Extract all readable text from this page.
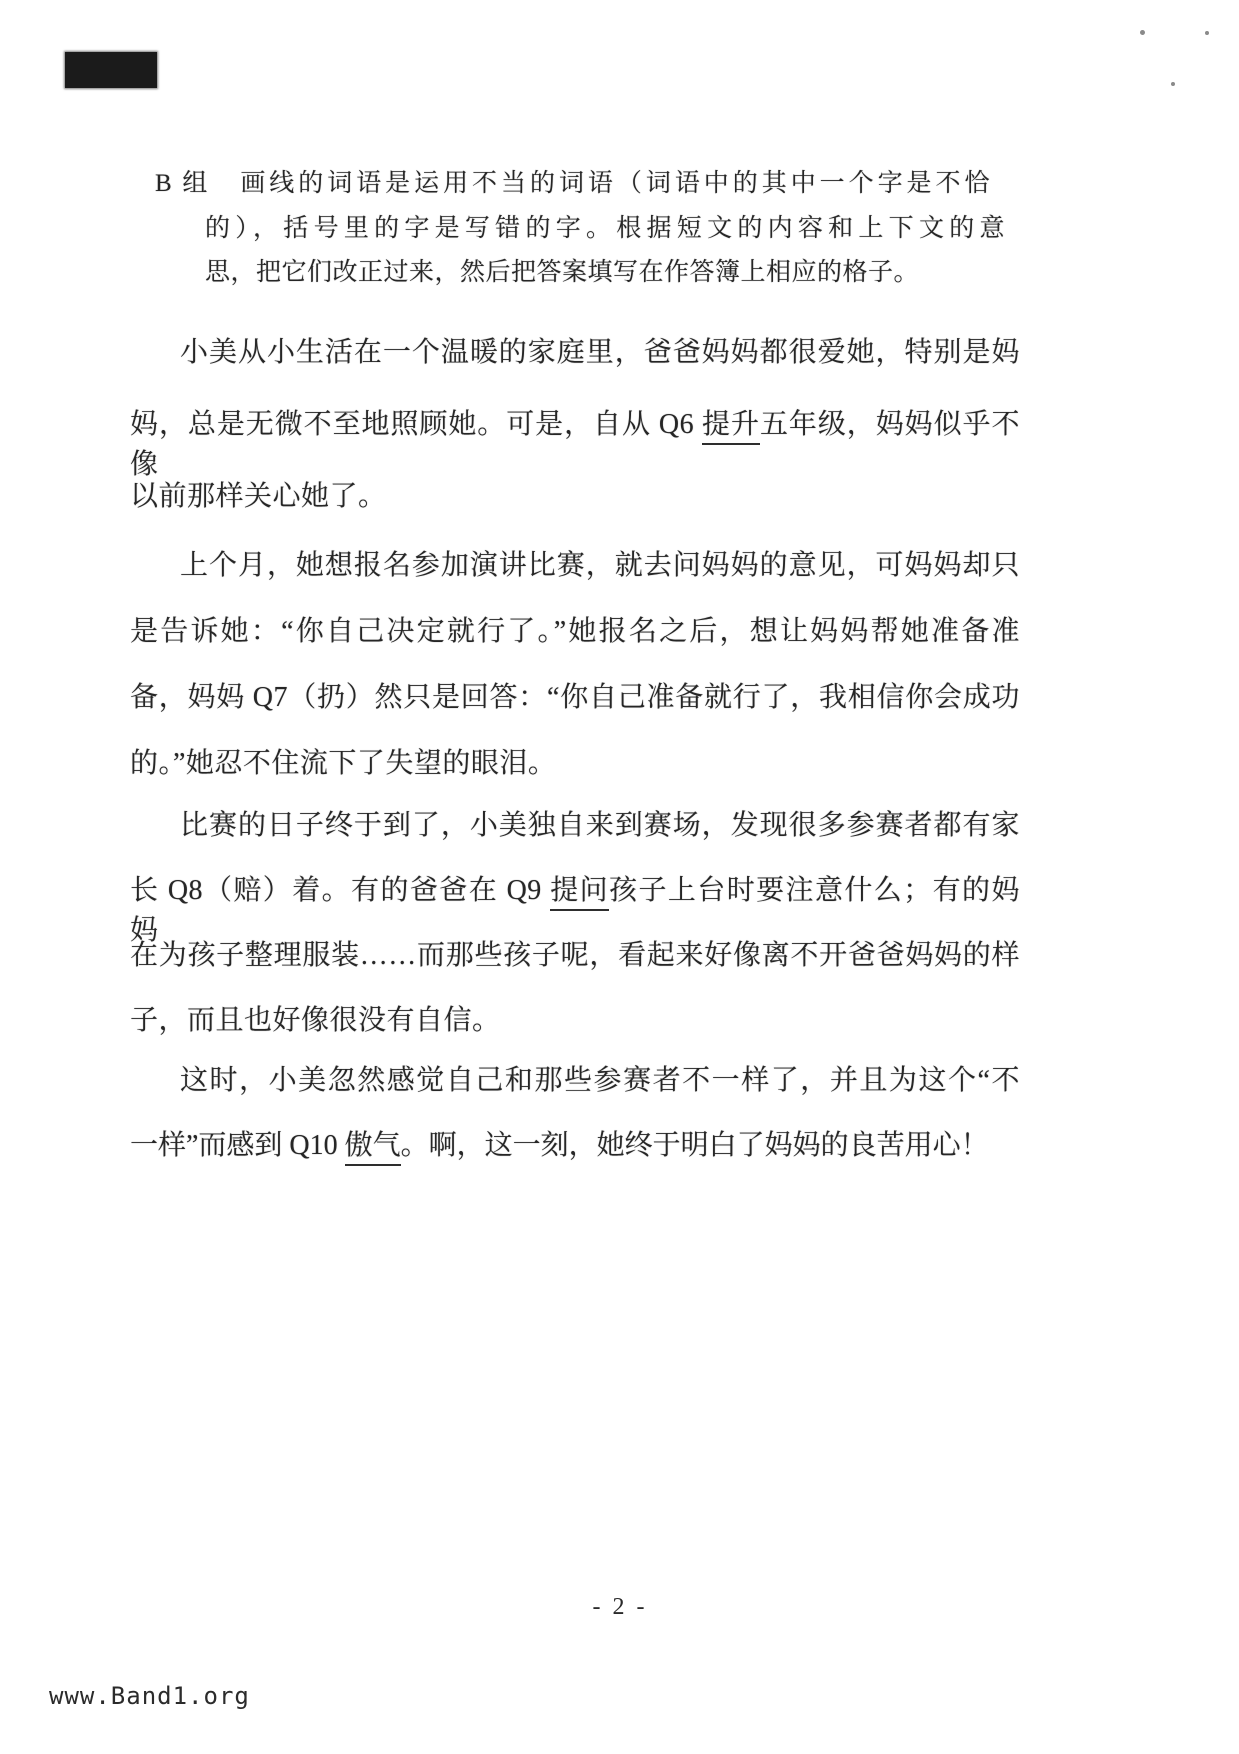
B 组　画线的词语是运用不当的词语（词语中的其中一个字是不恰
的），括号里的字是写错的字。根据短文的内容和上下文的意
思，把它们改正过来，然后把答案填写在作答簿上相应的格子。
小美从小生活在一个温暖的家庭里，爸爸妈妈都很爱她，特别是妈
妈，总是无微不至地照顾她。可是，自从 Q6 提升五年级，妈妈似乎不像
以前那样关心她了。
上个月，她想报名参加演讲比赛，就去问妈妈的意见，可妈妈却只
是告诉她：“你自己决定就行了。”她报名之后，想让妈妈帮她准备准
备，妈妈 Q7（扔）然只是回答：“你自己准备就行了，我相信你会成功
的。”她忍不住流下了失望的眼泪。
比赛的日子终于到了，小美独自来到赛场，发现很多参赛者都有家
长 Q8（赔）着。有的爸爸在 Q9 提问孩子上台时要注意什么；有的妈妈
在为孩子整理服装……而那些孩子呢，看起来好像离不开爸爸妈妈的样
子，而且也好像很没有自信。
这时，小美忽然感觉自己和那些参赛者不一样了，并且为这个“不
一样”而感到 Q10 傲气。啊，这一刻，她终于明白了妈妈的良苦用心！
- 2 -
www.Band1.org
